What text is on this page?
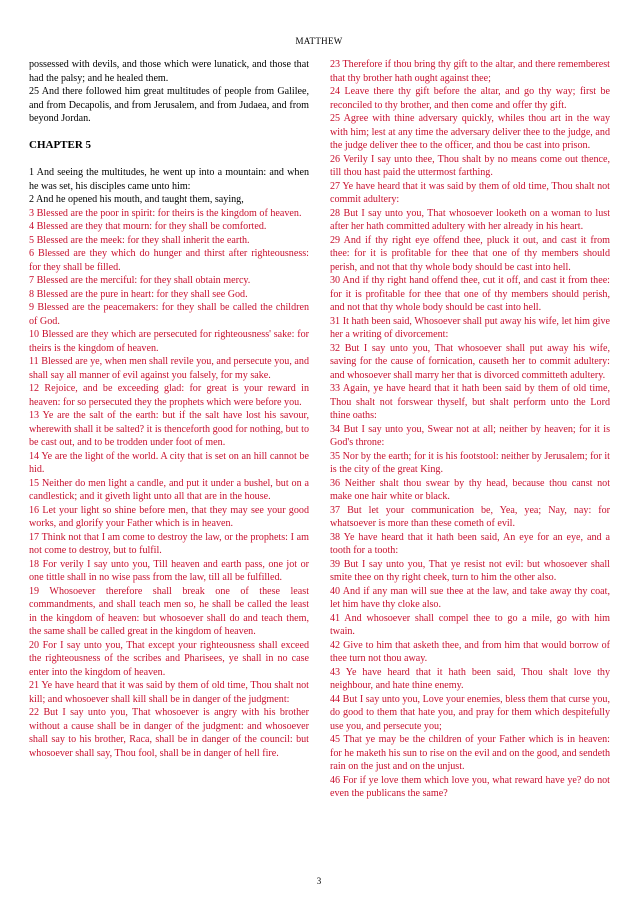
MATTHEW

possessed with devils, and those which were lunatick, and those that had the palsy; and he healed them.

25 And there followed him great multitudes of people from Galilee, and from Decapolis, and from Jerusalem, and from Judaea, and from beyond Jordan.

CHAPTER 5

1 And seeing the multitudes, he went up into a mountain: and when he was set, his disciples came unto him:

2 And he opened his mouth, and taught them, saying,

3 Blessed are the poor in spirit: for theirs is the kingdom of heaven.

4 Blessed are they that mourn: for they shall be comforted.

5 Blessed are the meek: for they shall inherit the earth.

6 Blessed are they which do hunger and thirst after righteousness: for they shall be filled.

7 Blessed are the merciful: for they shall obtain mercy.

8 Blessed are the pure in heart: for they shall see God.

9 Blessed are the peacemakers: for they shall be called the children of God.

10 Blessed are they which are persecuted for righteousness' sake: for theirs is the kingdom of heaven.

11 Blessed are ye, when men shall revile you, and persecute you, and shall say all manner of evil against you falsely, for my sake.

12 Rejoice, and be exceeding glad: for great is your reward in heaven: for so persecuted they the prophets which were before you.

13 Ye are the salt of the earth: but if the salt have lost his savour, wherewith shall it be salted? it is thenceforth good for nothing, but to be cast out, and to be trodden under foot of men.

14 Ye are the light of the world. A city that is set on an hill cannot be hid.

15 Neither do men light a candle, and put it under a bushel, but on a candlestick; and it giveth light unto all that are in the house.

16 Let your light so shine before men, that they may see your good works, and glorify your Father which is in heaven.

17 Think not that I am come to destroy the law, or the prophets: I am not come to destroy, but to fulfil.

18 For verily I say unto you, Till heaven and earth pass, one jot or one tittle shall in no wise pass from the law, till all be fulfilled.

19 Whosoever therefore shall break one of these least commandments, and shall teach men so, he shall be called the least in the kingdom of heaven: but whosoever shall do and teach them, the same shall be called great in the kingdom of heaven.

20 For I say unto you, That except your righteousness shall exceed the righteousness of the scribes and Pharisees, ye shall in no case enter into the kingdom of heaven.

21 Ye have heard that it was said by them of old time, Thou shalt not kill; and whosoever shall kill shall be in danger of the judgment:

22 But I say unto you, That whosoever is angry with his brother without a cause shall be in danger of the judgment: and whosoever shall say to his brother, Raca, shall be in danger of the council: but whosoever shall say, Thou fool, shall be in danger of hell fire.

23 Therefore if thou bring thy gift to the altar, and there rememberest that thy brother hath ought against thee;

24 Leave there thy gift before the altar, and go thy way; first be reconciled to thy brother, and then come and offer thy gift.

25 Agree with thine adversary quickly, whiles thou art in the way with him; lest at any time the adversary deliver thee to the judge, and the judge deliver thee to the officer, and thou be cast into prison.

26 Verily I say unto thee, Thou shalt by no means come out thence, till thou hast paid the uttermost farthing.

27 Ye have heard that it was said by them of old time, Thou shalt not commit adultery:

28 But I say unto you, That whosoever looketh on a woman to lust after her hath committed adultery with her already in his heart.

29 And if thy right eye offend thee, pluck it out, and cast it from thee: for it is profitable for thee that one of thy members should perish, and not that thy whole body should be cast into hell.

30 And if thy right hand offend thee, cut it off, and cast it from thee: for it is profitable for thee that one of thy members should perish, and not that thy whole body should be cast into hell.

31 It hath been said, Whosoever shall put away his wife, let him give her a writing of divorcement:

32 But I say unto you, That whosoever shall put away his wife, saving for the cause of fornication, causeth her to commit adultery: and whosoever shall marry her that is divorced committeth adultery.

33 Again, ye have heard that it hath been said by them of old time, Thou shalt not forswear thyself, but shalt perform unto the Lord thine oaths:

34 But I say unto you, Swear not at all; neither by heaven; for it is God's throne:

35 Nor by the earth; for it is his footstool: neither by Jerusalem; for it is the city of the great King.

36 Neither shalt thou swear by thy head, because thou canst not make one hair white or black.

37 But let your communication be, Yea, yea; Nay, nay: for whatsoever is more than these cometh of evil.

38 Ye have heard that it hath been said, An eye for an eye, and a tooth for a tooth:

39 But I say unto you, That ye resist not evil: but whosoever shall smite thee on thy right cheek, turn to him the other also.

40 And if any man will sue thee at the law, and take away thy coat, let him have thy cloke also.

41 And whosoever shall compel thee to go a mile, go with him twain.

42 Give to him that asketh thee, and from him that would borrow of thee turn not thou away.

43 Ye have heard that it hath been said, Thou shalt love thy neighbour, and hate thine enemy.

44 But I say unto you, Love your enemies, bless them that curse you, do good to them that hate you, and pray for them which despitefully use you, and persecute you;

45 That ye may be the children of your Father which is in heaven: for he maketh his sun to rise on the evil and on the good, and sendeth rain on the just and on the unjust.

46 For if ye love them which love you, what reward have ye? do not even the publicans the same?

3
